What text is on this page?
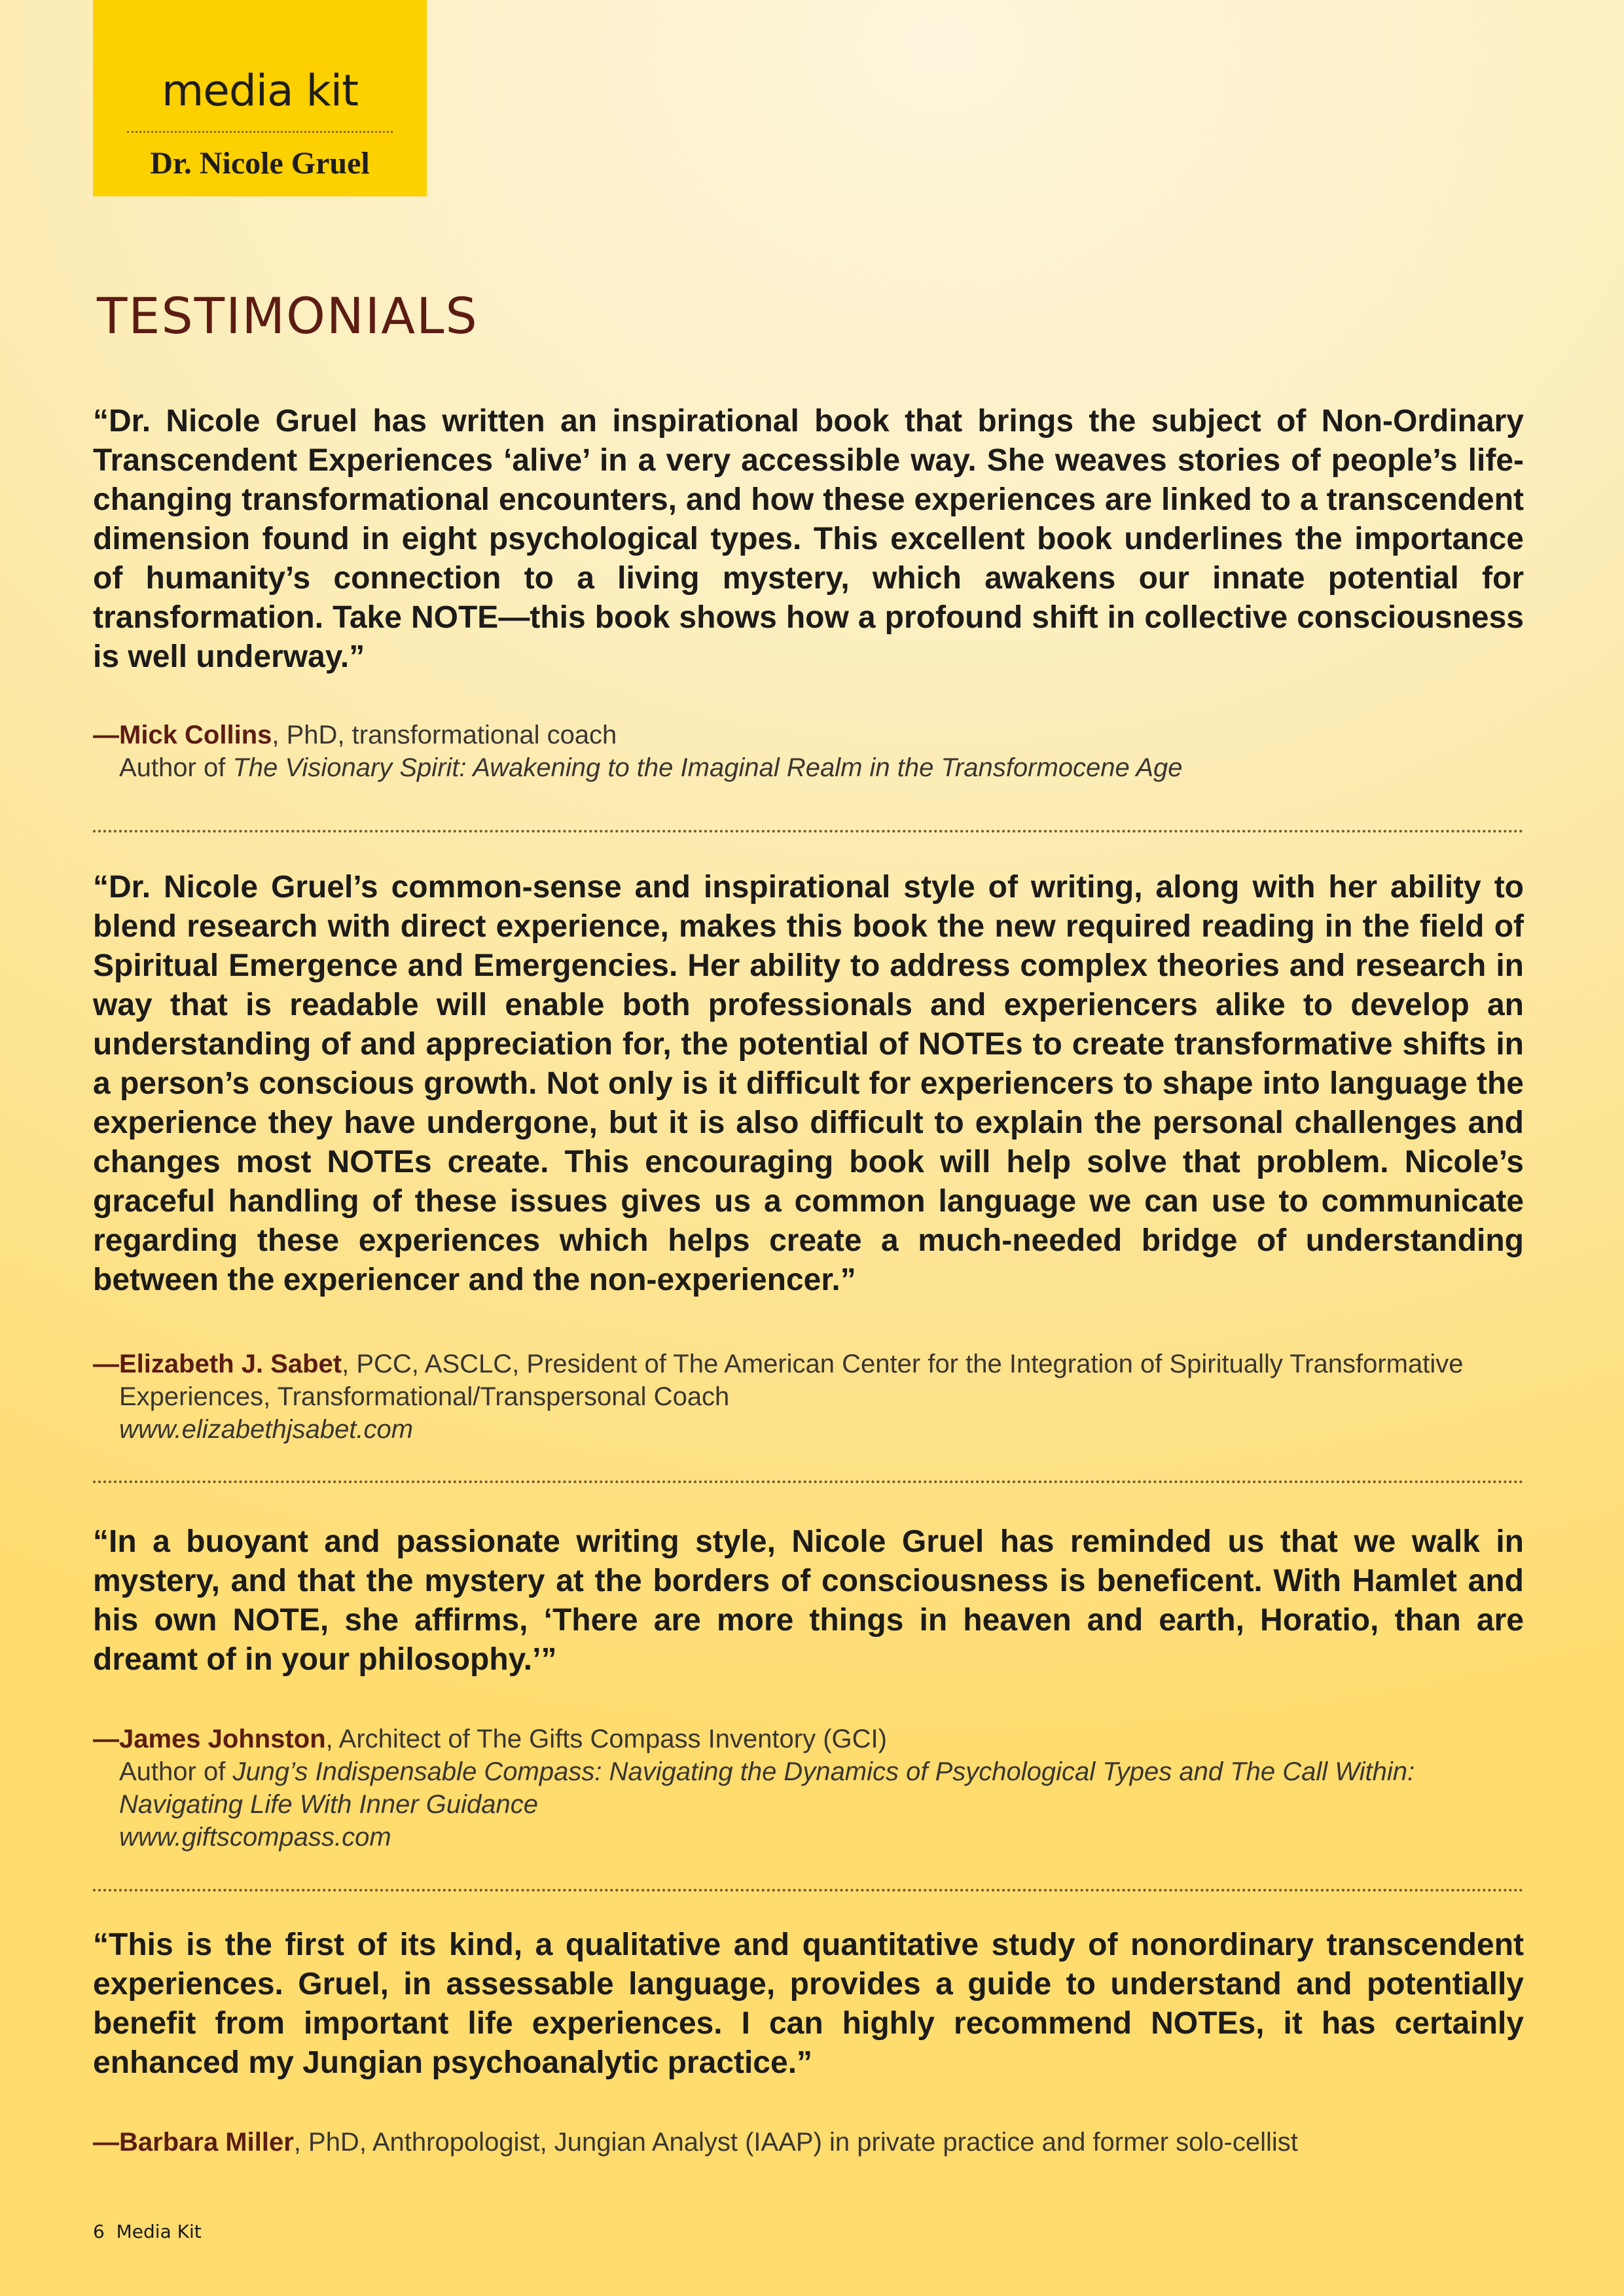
media kit
Dr. Nicole Gruel
TESTIMONIALS
“Dr. Nicole Gruel has written an inspirational book that brings the subject of Non-Ordinary Transcendent Experiences ‘alive’ in a very accessible way. She weaves stories of people’s life-changing transformational encounters, and how these experiences are linked to a transcendent dimension found in eight psychological types. This excellent book underlines the importance of humanity’s connection to a living mystery, which awakens our innate potential for transformation. Take NOTE—this book shows how a profound shift in collective consciousness is well underway.”
—Mick Collins, PhD, transformational coach
Author of The Visionary Spirit: Awakening to the Imaginal Realm in the Transformocene Age
“Dr. Nicole Gruel’s common-sense and inspirational style of writing, along with her ability to blend research with direct experience, makes this book the new required reading in the field of Spiritual Emergence and Emergencies. Her ability to address complex theories and research in way that is readable will enable both professionals and experiencers alike to develop an understanding of and appreciation for, the potential of NOTEs to create transformative shifts in a person’s conscious growth. Not only is it difficult for experiencers to shape into language the experience they have undergone, but it is also difficult to explain the personal challenges and changes most NOTEs create. This encouraging book will help solve that problem. Nicole’s graceful handling of these issues gives us a common language we can use to communicate regarding these experiences which helps create a much-needed bridge of understanding between the experiencer and the non-experiencer.”
—Elizabeth J. Sabet, PCC, ASCLC, President of The American Center for the Integration of Spiritually Transformative
Experiences, Transformational/Transpersonal Coach
www.elizabethjsabet.com
“In a buoyant and passionate writing style, Nicole Gruel has reminded us that we walk in mystery, and that the mystery at the borders of consciousness is beneficent. With Hamlet and his own NOTE, she affirms, ‘There are more things in heaven and earth, Horatio, than are dreamt of in your philosophy.’”
—James Johnston, Architect of The Gifts Compass Inventory (GCI)
Author of Jung’s Indispensable Compass: Navigating the Dynamics of Psychological Types and The Call Within:
Navigating Life With Inner Guidance
www.giftscompass.com
“This is the first of its kind, a qualitative and quantitative study of nonordinary transcendent experiences. Gruel, in assessable language, provides a guide to understand and potentially benefit from important life experiences. I can highly recommend NOTEs, it has certainly enhanced my Jungian psychoanalytic practice.”
—Barbara Miller, PhD, Anthropologist, Jungian Analyst (IAAP) in private practice and former solo-cellist
6 Media Kit
